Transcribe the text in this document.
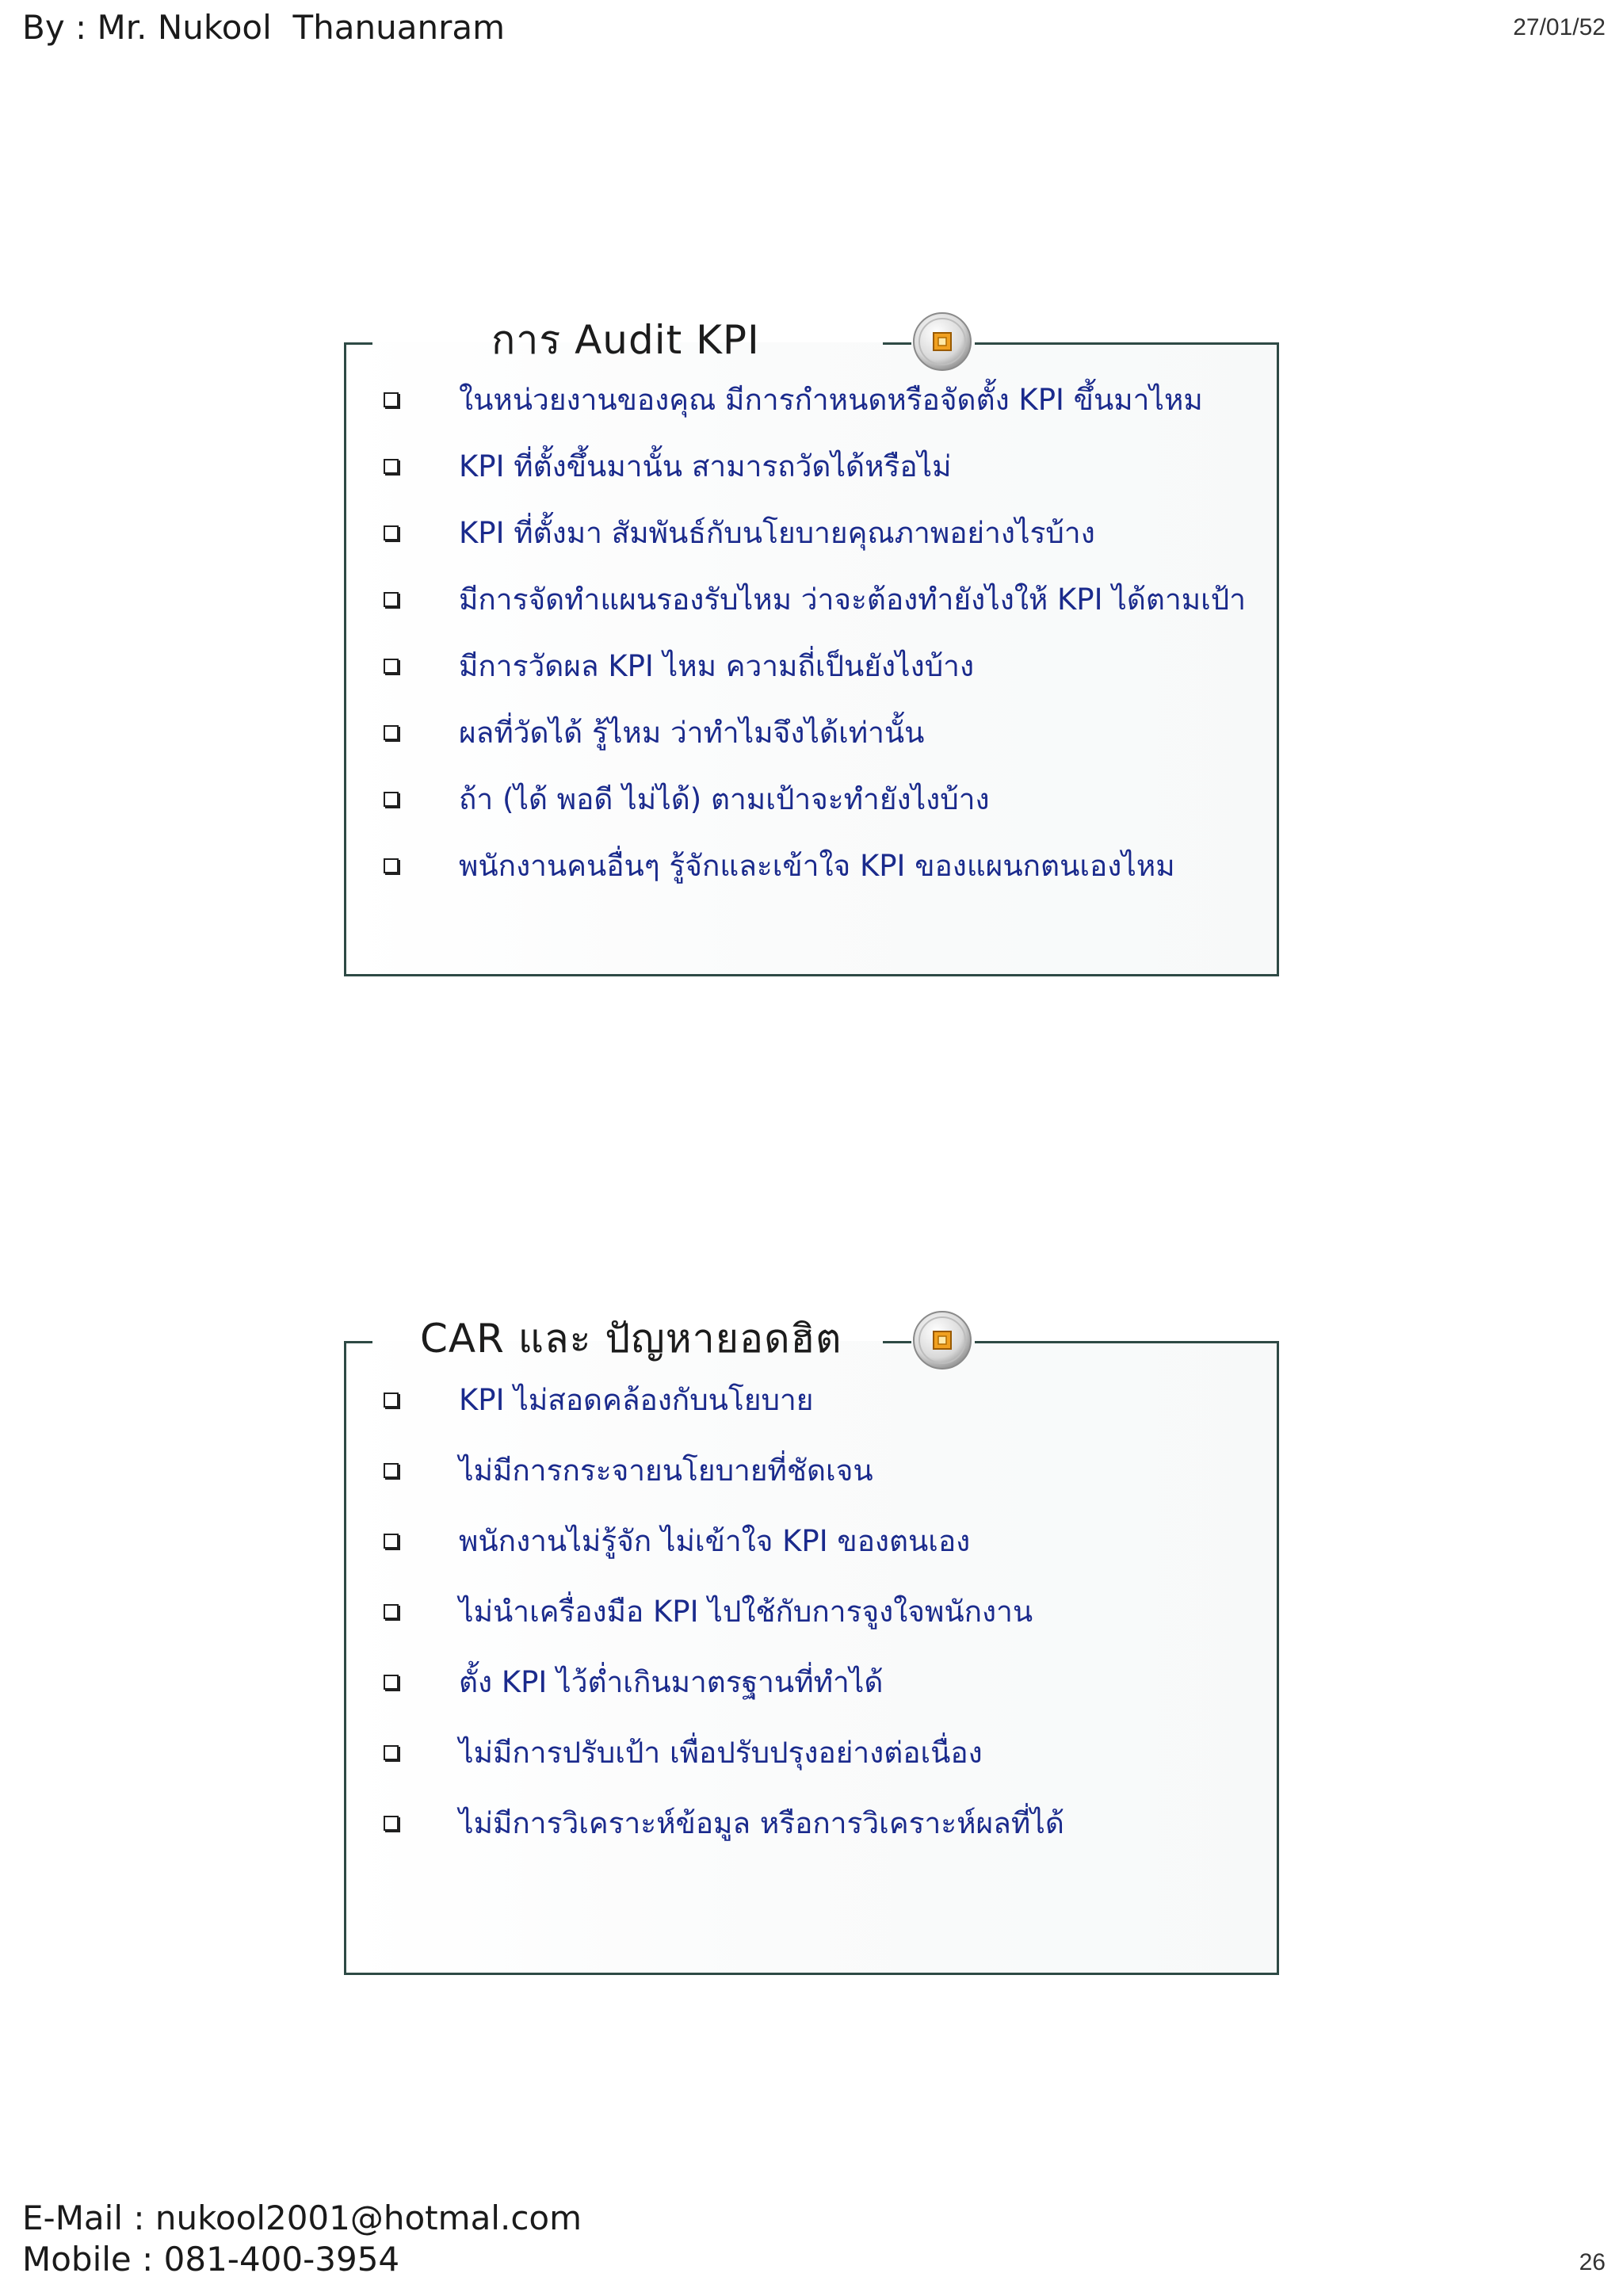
By : Mr. Nukool  Thanuanram	27/01/52
การ Audit KPI
ในหน่วยงานของคุณ มีการกำหนดหรือจัดตั้ง KPI ขึ้นมาไหม
KPI ที่ตั้งขึ้นมานั้น สามารถวัดได้หรือไม่
KPI ที่ตั้งมา สัมพันธ์กับนโยบายคุณภาพอย่างไรบ้าง
มีการจัดทำแผนรองรับไหม ว่าจะต้องทำยังไงให้ KPI ได้ตามเป้า
มีการวัดผล KPI ไหม ความถี่เป็นยังไงบ้าง
ผลที่วัดได้ รู้ไหม ว่าทำไมจึงได้เท่านั้น
ถ้า (ได้ พอดี ไม่ได้) ตามเป้าจะทำยังไงบ้าง
พนักงานคนอื่นๆ รู้จักและเข้าใจ KPI ของแผนกตนเองไหม
CAR และ ปัญหายอดฮิต
KPI ไม่สอดคล้องกับนโยบาย
ไม่มีการกระจายนโยบายที่ชัดเจน
พนักงานไม่รู้จัก ไม่เข้าใจ KPI ของตนเอง
ไม่นำเครื่องมือ KPI ไปใช้กับการจูงใจพนักงาน
ตั้ง KPI ไว้ต่ำเกินมาตรฐานที่ทำได้
ไม่มีการปรับเป้า เพื่อปรับปรุงอย่างต่อเนื่อง
ไม่มีการวิเคราะห์ข้อมูล หรือการวิเคราะห์ผลที่ได้
E-Mail : nukool2001@hotmal.com
Mobile : 081-400-3954	26
